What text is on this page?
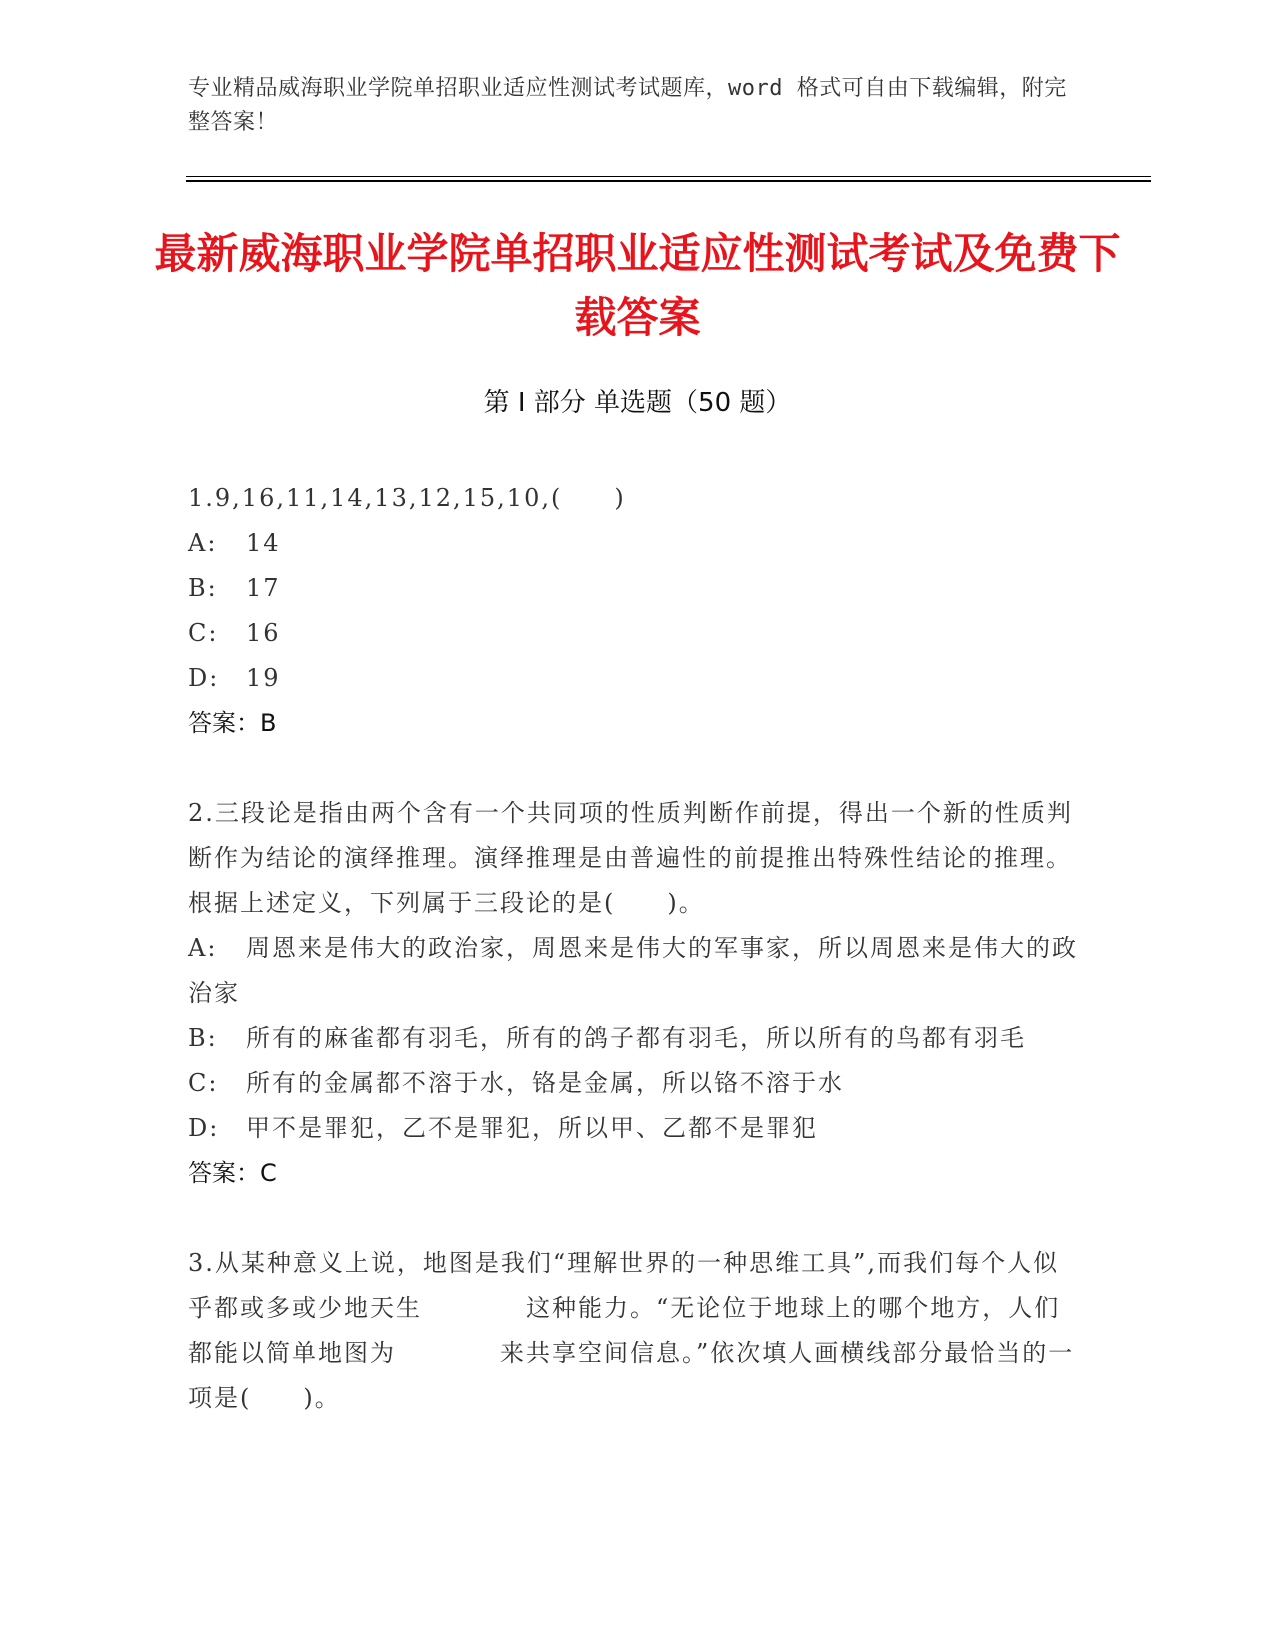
专业精品威海职业学院单招职业适应性测试考试题库，word 格式可自由下载编辑，附完整答案！
最新威海职业学院单招职业适应性测试考试及免费下载答案
第 I 部分 单选题（50 题）
1.9,16,11,14,13,12,15,10,(　　)
A: 14
B: 17
C: 16
D: 19
答案：B
2.三段论是指由两个含有一个共同项的性质判断作前提，得出一个新的性质判断作为结论的演绎推理。演绎推理是由普遍性的前提推出特殊性结论的推理。根据上述定义，下列属于三段论的是(　　)。
A: 周恩来是伟大的政治家，周恩来是伟大的军事家，所以周恩来是伟大的政治家
B: 所有的麻雀都有羽毛，所有的鸽子都有羽毛，所以所有的鸟都有羽毛
C: 所有的金属都不溶于水，铬是金属，所以铬不溶于水
D: 甲不是罪犯，乙不是罪犯，所以甲、乙都不是罪犯
答案：C
3.从某种意义上说，地图是我们“理解世界的一种思维工具”,而我们每个人似乎都或多或少地天生　　　　这种能力。“无论位于地球上的哪个地方，人们都能以简单地图为　　　　来共享空间信息。”依次填人画横线部分最恰当的一项是(　　)。
